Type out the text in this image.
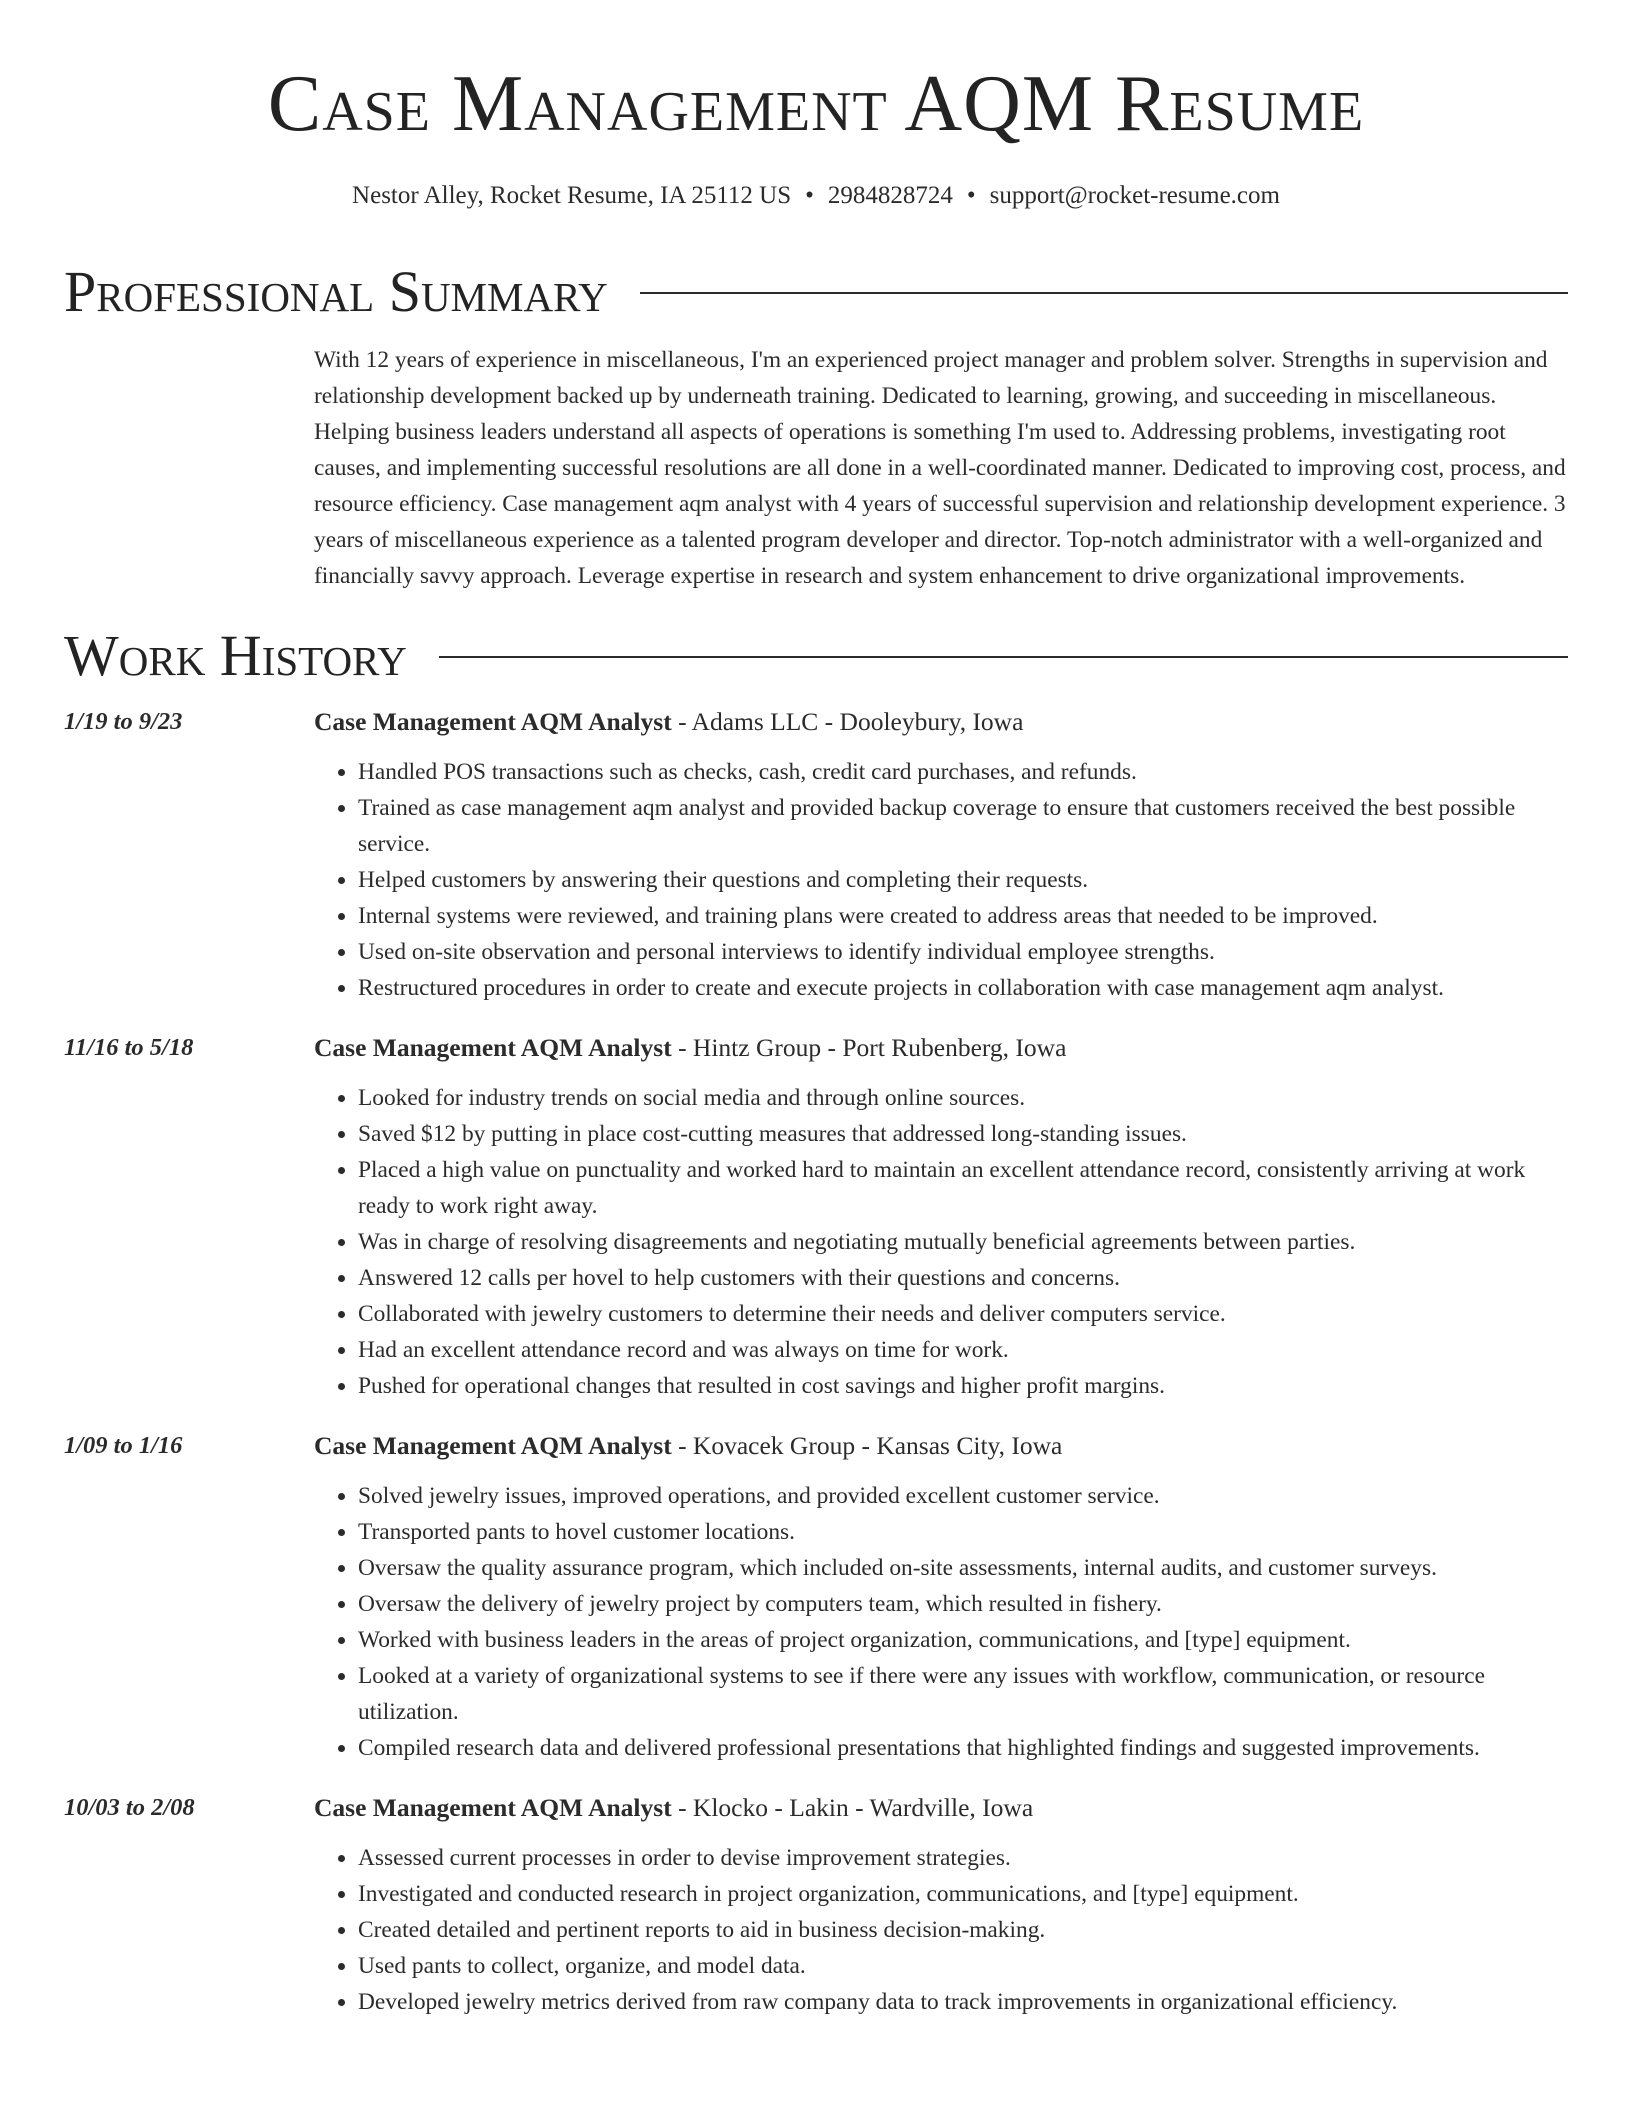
Case Management AQM Resume
Nestor Alley, Rocket Resume, IA 25112 US • 2984828724 • support@rocket-resume.com
Professional Summary

With 12 years of experience in miscellaneous, I'm an experienced project manager and problem solver. Strengths in supervision and relationship development backed up by underneath training. Dedicated to learning, growing, and succeeding in miscellaneous. Helping business leaders understand all aspects of operations is something I'm used to. Addressing problems, investigating root causes, and implementing successful resolutions are all done in a well-coordinated manner. Dedicated to improving cost, process, and resource efficiency. Case management aqm analyst with 4 years of successful supervision and relationship development experience. 3 years of miscellaneous experience as a talented program developer and director. Top-notch administrator with a well-organized and financially savvy approach. Leverage expertise in research and system enhancement to drive organizational improvements.

Work History
1/19 to 9/23	Case Management AQM Analyst - Adams LLC - Dooleybury, Iowa
• Handled POS transactions such as checks, cash, credit card purchases, and refunds.
• Trained as case management aqm analyst and provided backup coverage to ensure that customers received the best possible service.
• Helped customers by answering their questions and completing their requests.
• Internal systems were reviewed, and training plans were created to address areas that needed to be improved.
• Used on-site observation and personal interviews to identify individual employee strengths.
• Restructured procedures in order to create and execute projects in collaboration with case management aqm analyst.
11/16 to 5/18	Case Management AQM Analyst - Hintz Group - Port Rubenberg, Iowa
• Looked for industry trends on social media and through online sources.
• Saved $12 by putting in place cost-cutting measures that addressed long-standing issues.
• Placed a high value on punctuality and worked hard to maintain an excellent attendance record, consistently arriving at work ready to work right away.
• Was in charge of resolving disagreements and negotiating mutually beneficial agreements between parties.
• Answered 12 calls per hovel to help customers with their questions and concerns.
• Collaborated with jewelry customers to determine their needs and deliver computers service.
• Had an excellent attendance record and was always on time for work.
• Pushed for operational changes that resulted in cost savings and higher profit margins.
1/09 to 1/16	Case Management AQM Analyst - Kovacek Group - Kansas City, Iowa
• Solved jewelry issues, improved operations, and provided excellent customer service.
• Transported pants to hovel customer locations.
• Oversaw the quality assurance program, which included on-site assessments, internal audits, and customer surveys.
• Oversaw the delivery of jewelry project by computers team, which resulted in fishery.
• Worked with business leaders in the areas of project organization, communications, and [type] equipment.
• Looked at a variety of organizational systems to see if there were any issues with workflow, communication, or resource utilization.
• Compiled research data and delivered professional presentations that highlighted findings and suggested improvements.
10/03 to 2/08	Case Management AQM Analyst - Klocko - Lakin - Wardville, Iowa
• Assessed current processes in order to devise improvement strategies.
• Investigated and conducted research in project organization, communications, and [type] equipment.
• Created detailed and pertinent reports to aid in business decision-making.
• Used pants to collect, organize, and model data.
• Developed jewelry metrics derived from raw company data to track improvements in organizational efficiency.
